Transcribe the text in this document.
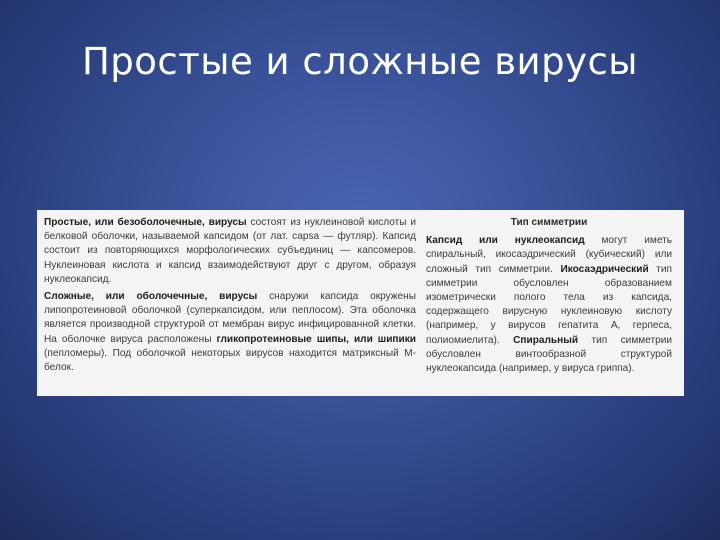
Простые и сложные вирусы

Простые, или безоболочечные, вирусы состоят из нуклеиновой кислоты и белковой оболочки, называемой капсидом (от лат. capsa — футляр). Капсид состоит из повторяющихся морфологических субъединиц — капсомеров. Нуклеиновая кислота и капсид взаимодействуют друг с другом, образуя нуклеокапсид.

Сложные, или оболочечные, вирусы снаружи капсида окружены липопротеиновой оболочкой (суперкапсидом, или пеплосом). Эта оболочка является производной структурой от мембран вирус инфицированной клетки. На оболочке вируса расположены гликопротеиновые шипы, или шипики (пепломеры). Под оболочкой некоторых вирусов находится матриксный М-белок.

Тип симметрии

Капсид или нуклеокапсид могут иметь спиральный, икосаэдрический (кубический) или сложный тип симметрии. Икосаэдрический тип симметрии обусловлен образованием изометрически полого тела из капсида, содержащего вирусную нуклеиновую кислоту (например, у вирусов гепатита А, герпеса, полиомиелита). Спиральный тип симметрии обусловлен винтообразной структурой нуклеокапсида (например, у вируса гриппа).
